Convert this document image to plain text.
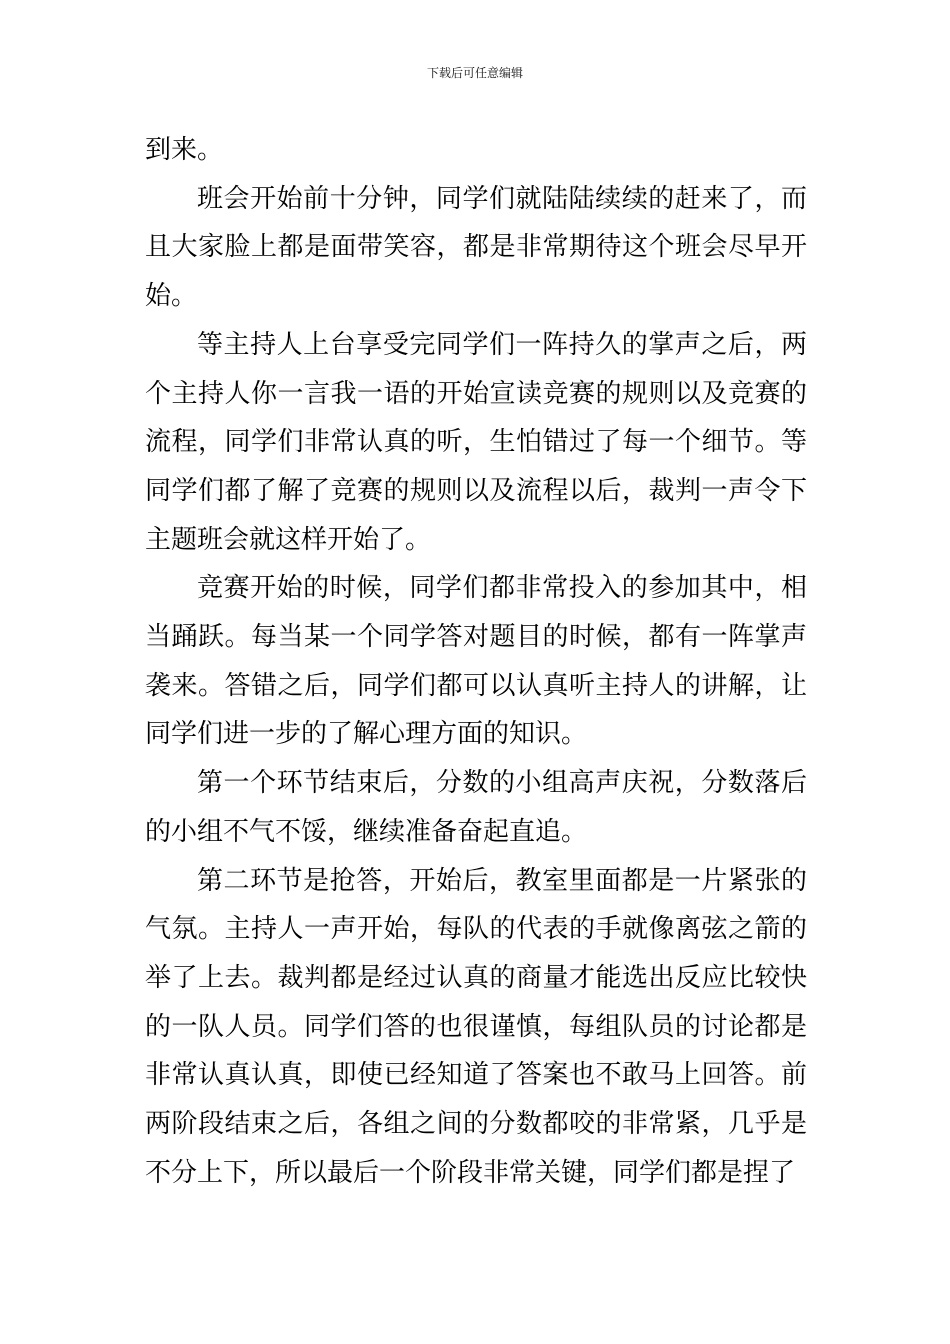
下载后可任意编辑

到来。

班会开始前十分钟，同学们就陆陆续续的赶来了，而且大家脸上都是面带笑容，都是非常期待这个班会尽早开始。

等主持人上台享受完同学们一阵持久的掌声之后，两个主持人你一言我一语的开始宣读竞赛的规则以及竞赛的流程，同学们非常认真的听，生怕错过了每一个细节。等同学们都了解了竞赛的规则以及流程以后，裁判一声令下主题班会就这样开始了。

竞赛开始的时候，同学们都非常投入的参加其中，相当踊跃。每当某一个同学答对题目的时候，都有一阵掌声袭来。答错之后，同学们都可以认真听主持人的讲解，让同学们进一步的了解心理方面的知识。

第一个环节结束后，分数的小组高声庆祝，分数落后的小组不气不馁，继续准备奋起直追。

第二环节是抢答，开始后，教室里面都是一片紧张的气氛。主持人一声开始，每队的代表的手就像离弦之箭的举了上去。裁判都是经过认真的商量才能选出反应比较快的一队人员。同学们答的也很谨慎，每组队员的讨论都是非常认真认真，即使已经知道了答案也不敢马上回答。前两阶段结束之后，各组之间的分数都咬的非常紧，几乎是不分上下，所以最后一个阶段非常关键，同学们都是捏了
